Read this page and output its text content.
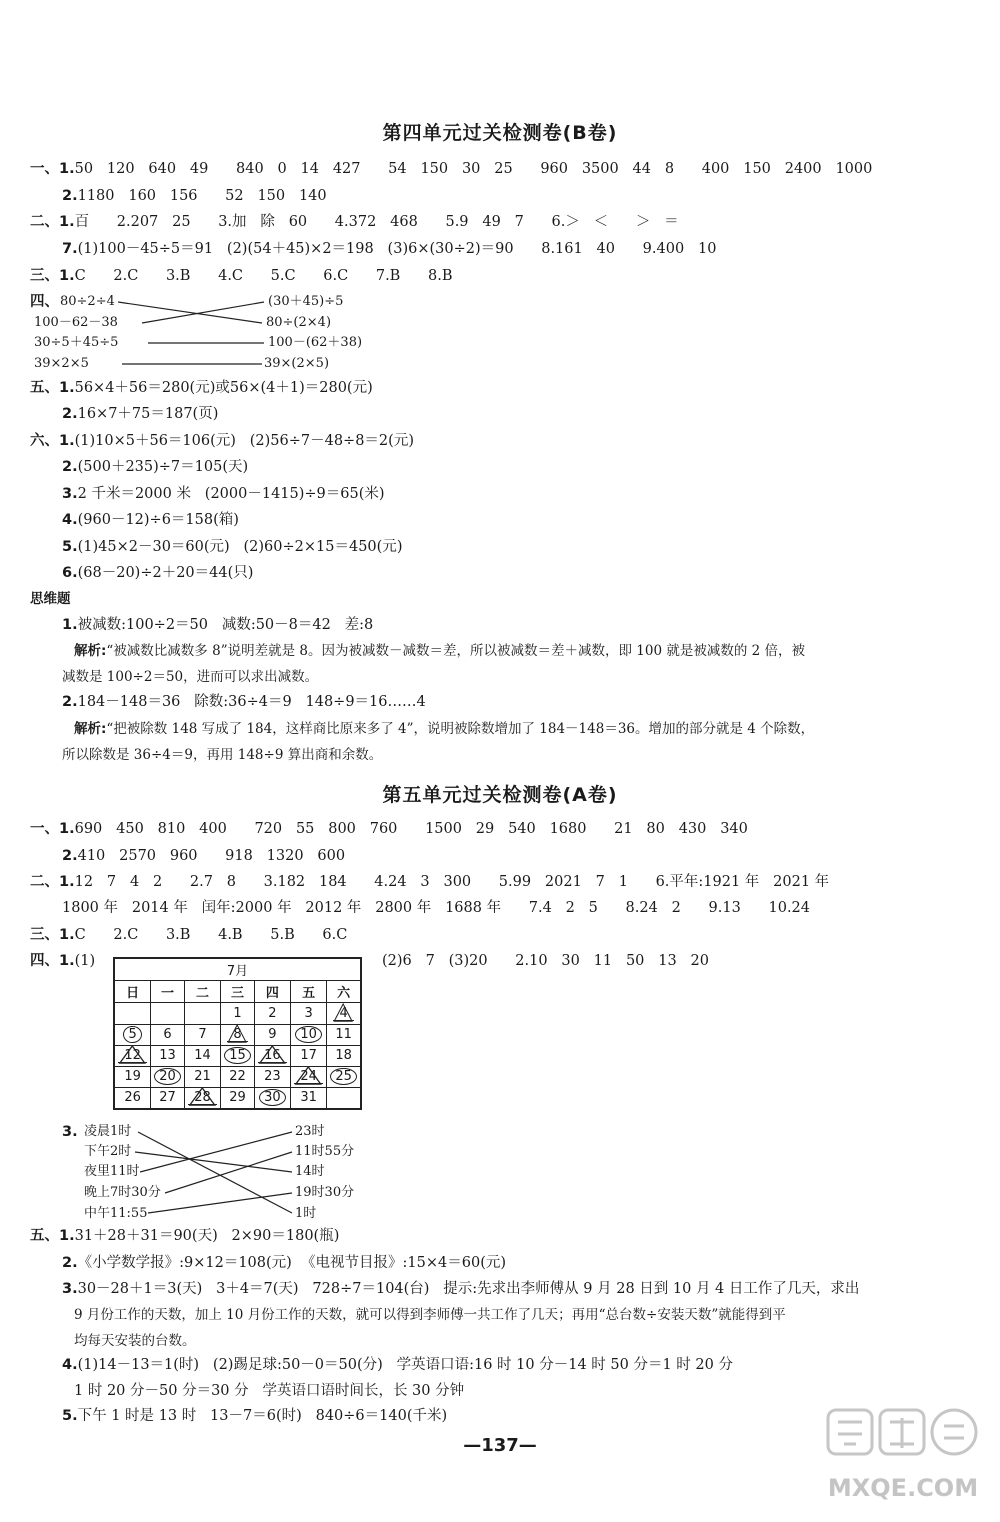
第四单元过关检测卷(B卷)
一、1.50   120   640   49      840   0   14   427      54   150   30   25      960   3500   44   8      400   150   2400   1000
2.1180   160   156      52   150   140
二、1.百      2.207   25      3.加   除   60      4.372   468      5.9   49   7      6.＞   ＜      ＞   ＝
7.(1)100－45÷5＝91   (2)(54＋45)×2＝198   (3)6×(30÷2)＝90      8.161   40      9.400   10
三、1.C      2.C      3.B      4.C      5.C      6.C      7.B      8.B
四、 80÷2÷4
100－62－38
30÷5＋45÷5
39×2×5
(30＋45)÷5
80÷(2×4)
100－(62＋38)
39×(2×5)
五、1.56×4＋56＝280(元)或56×(4＋1)＝280(元)
2.16×7＋75＝187(页)
六、1.(1)10×5＋56＝106(元)   (2)56÷7－48÷8＝2(元)
2.(500＋235)÷7＝105(天)
3.2 千米＝2000 米   (2000－1415)÷9＝65(米)
4.(960－12)÷6＝158(箱)
5.(1)45×2－30＝60(元)   (2)60÷2×15＝450(元)
6.(68－20)÷2＋20＝44(只)
思维题
1.被减数:100÷2＝50   减数:50－8＝42   差:8
解析:“被减数比减数多 8”说明差就是 8。因为被减数－减数＝差，所以被减数＝差＋减数，即 100 就是被减数的 2 倍，被
减数是 100÷2＝50，进而可以求出减数。
2.184－148＝36   除数:36÷4＝9   148÷9＝16……4
解析:“把被除数 148 写成了 184，这样商比原来多了 4”，说明被除数增加了 184－148＝36。增加的部分就是 4 个除数，
所以除数是 36÷4＝9，再用 148÷9 算出商和余数。
第五单元过关检测卷(A卷)
一、1.690   450   810   400      720   55   800   760      1500   29   540   1680      21   80   430   340
2.410   2570   960      918   1320   600
二、1.12   7   4   2      2.7   8      3.182   184      4.24   3   300      5.99   2021   7   1      6.平年:1921 年   2021 年
1800 年   2014 年   闰年:2000 年   2012 年   2800 年   1688 年      7.4   2   5      8.24   2      9.13      10.24
三、1.C      2.C      3.B      4.B      5.B      6.C
四、1.(1)	(2)6   7   (3)20      2.10   30   11   50   13   20
7月						
日	一	二	三	四	五	六
			1	2	3	4
5	6	7	8	9	10	11

12	13	14	15	16	17	18
19	20	21	22	23	24	25
26	27	28	29	30	31	
3. 凌晨1时
下午2时
夜里11时
晚上7时30分
中午11:55
23时
11时55分
14时
19时30分
1时
五、1.31＋28＋31＝90(天)   2×90＝180(瓶)
2.《小学数学报》:9×12＝108(元)  《电视节目报》:15×4＝60(元)
3.30－28＋1＝3(天)   3＋4＝7(天)   728÷7＝104(台)   提示:先求出李师傅从 9 月 28 日到 10 月 4 日工作了几天，求出
9 月份工作的天数，加上 10 月份工作的天数，就可以得到李师傅一共工作了几天；再用“总台数÷安装天数”就能得到平
均每天安装的台数。
4.(1)14－13＝1(时)   (2)踢足球:50－0＝50(分)   学英语口语:16 时 10 分－14 时 50 分＝1 时 20 分
1 时 20 分－50 分＝30 分   学英语口语时间长，长 30 分钟
5.下午 1 时是 13 时   13－7＝6(时)   840÷6＝140(千米)
—137—
MXQE.COM
